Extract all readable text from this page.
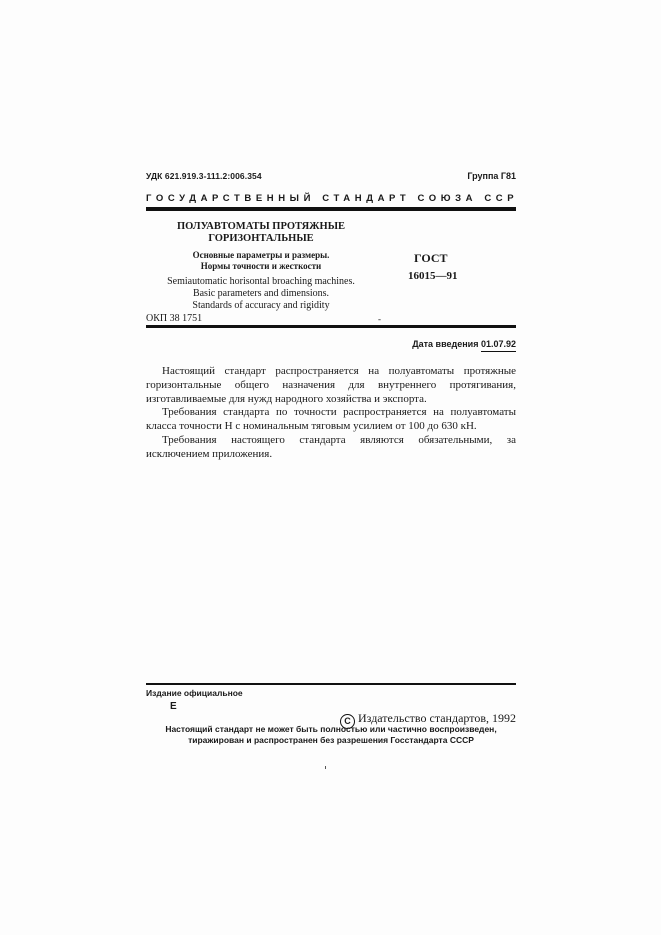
УДК 621.919.3-111.2:006.354	Группа Г81
ГОСУДАРСТВЕННЫЙ СТАНДАРТ СОЮЗА ССР
ПОЛУАВТОМАТЫ ПРОТЯЖНЫЕ
ГОРИЗОНТАЛЬНЫЕ
Основные параметры и размеры.
Нормы точности и жесткости
Semiautomatic horisontal broaching machines.
Basic parameters and dimensions.
Standards of accuracy and rigidity
ГОСТ
16015—91
ОКП 38 1751	-
Дата введения 01.07.92

Настоящий стандарт распространяется на полуавтоматы протяжные горизонтальные общего назначения для внутреннего протягивания, изготавливаемые для нужд народного хозяйства и экспорта.

Требования стандарта по точности распространяется на полуавтоматы класса точности Н с номинальным тяговым усилием от 100 до 630 кН.

Требования настоящего стандарта являются обязательными, за исключением приложения.

Издание официальное
Е
C Издательство стандартов, 1992
Настоящий стандарт не может быть полностью или частично воспроизведен,
тиражирован и распространен без разрешения Госстандарта СССР
